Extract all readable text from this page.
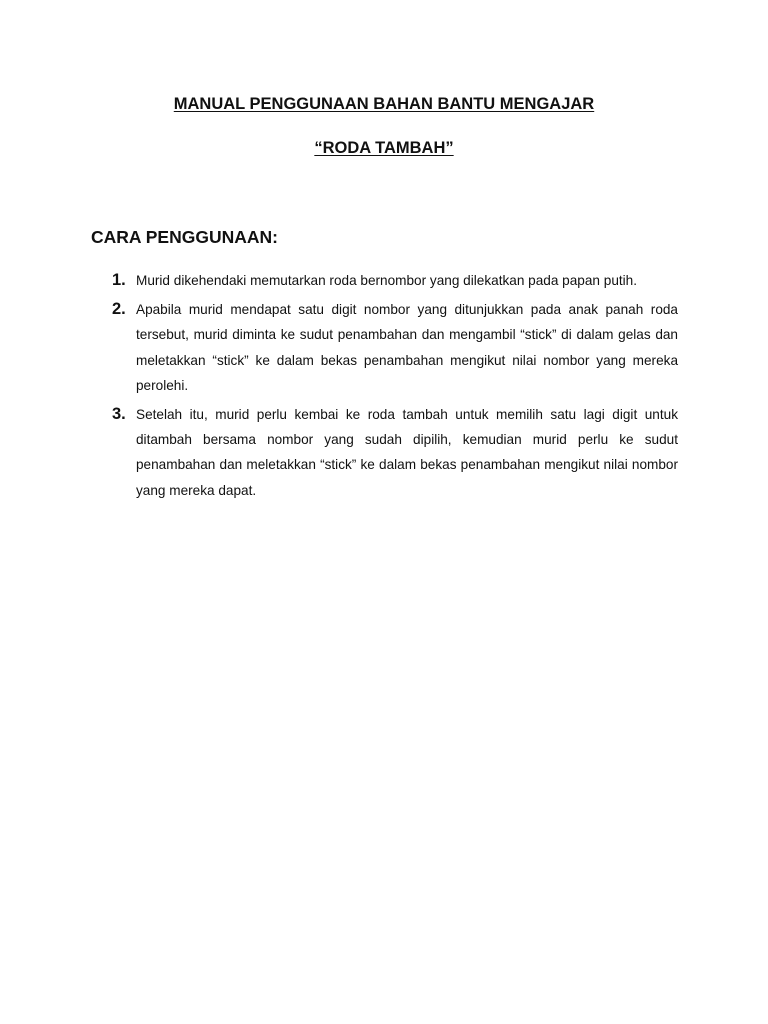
MANUAL PENGGUNAAN BAHAN BANTU MENGAJAR
“RODA TAMBAH”
CARA PENGGUNAAN:
1. Murid dikehendaki memutarkan roda bernombor yang dilekatkan pada papan putih.
2. Apabila murid mendapat satu digit nombor yang ditunjukkan pada anak panah roda tersebut, murid diminta ke sudut penambahan dan mengambil “stick” di dalam gelas dan meletakkan “stick” ke dalam bekas penambahan mengikut nilai nombor yang mereka perolehi.
3. Setelah itu, murid perlu kembai ke roda tambah untuk memilih satu lagi digit untuk ditambah bersama nombor yang sudah dipilih, kemudian murid perlu ke sudut penambahan dan meletakkan “stick” ke dalam bekas penambahan mengikut nilai nombor yang mereka dapat.
